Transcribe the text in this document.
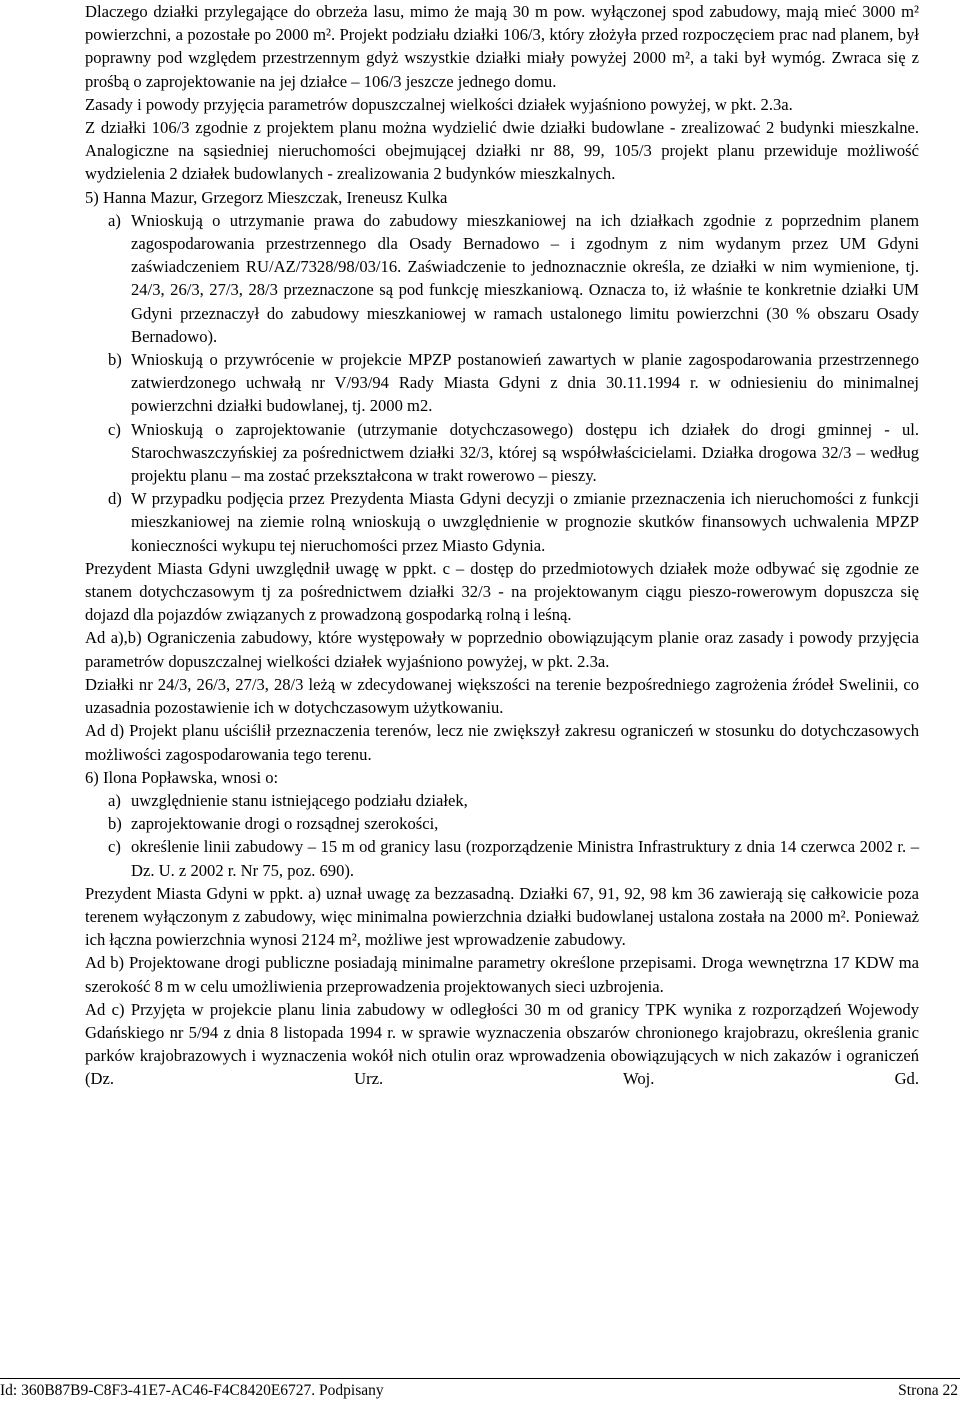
Dlaczego działki przylegające do obrzeża lasu, mimo że mają 30 m pow. wyłączonej spod zabudowy, mają mieć 3000 m² powierzchni, a pozostałe po 2000 m². Projekt podziału działki 106/3, który złożyła przed rozpoczęciem prac nad planem, był poprawny pod względem przestrzennym gdyż wszystkie działki miały powyżej 2000 m², a taki był wymóg. Zwraca się z prośbą o zaprojektowanie na jej działce – 106/3 jeszcze jednego domu.

Zasady i powody przyjęcia parametrów dopuszczalnej wielkości działek wyjaśniono powyżej, w pkt. 2.3a.

Z działki 106/3 zgodnie z projektem planu można wydzielić dwie działki budowlane - zrealizować 2 budynki mieszkalne. Analogiczne na sąsiedniej nieruchomości obejmującej działki nr 88, 99, 105/3 projekt planu przewiduje możliwość wydzielenia 2 działek budowlanych - zrealizowania 2 budynków mieszkalnych.

5) Hanna Mazur, Grzegorz Mieszczak, Ireneusz Kulka

a) Wnioskują o utrzymanie prawa do zabudowy mieszkaniowej na ich działkach zgodnie z poprzednim planem zagospodarowania przestrzennego dla Osady Bernadowo – i zgodnym z nim wydanym przez UM Gdyni zaświadczeniem RU/AZ/7328/98/03/16. Zaświadczenie to jednoznacznie określa, ze działki w nim wymienione, tj. 24/3, 26/3, 27/3, 28/3 przeznaczone są pod funkcję mieszkaniową. Oznacza to, iż właśnie te konkretnie działki UM Gdyni przeznaczył do zabudowy mieszkaniowej w ramach ustalonego limitu powierzchni (30 % obszaru Osady Bernadowo).
b) Wnioskują o przywrócenie w projekcie MPZP postanowień zawartych w planie zagospodarowania przestrzennego zatwierdzonego uchwałą nr V/93/94 Rady Miasta Gdyni z dnia 30.11.1994 r. w odniesieniu do minimalnej powierzchni działki budowlanej, tj. 2000 m2.
c) Wnioskują o zaprojektowanie (utrzymanie dotychczasowego) dostępu ich działek do drogi gminnej - ul. Starochwaszczyńskiej za pośrednictwem działki 32/3, której są współwłaścicielami. Działka drogowa 32/3 – według projektu planu – ma zostać przekształcona w trakt rowerowo – pieszy.
d) W przypadku podjęcia przez Prezydenta Miasta Gdyni decyzji o zmianie przeznaczenia ich nieruchomości z funkcji mieszkaniowej na ziemie rolną wnioskują o uwzględnienie w prognozie skutków finansowych uchwalenia MPZP konieczności wykupu tej nieruchomości przez Miasto Gdynia.

Prezydent Miasta Gdyni uwzględnił uwagę w ppkt. c – dostęp do przedmiotowych działek może odbywać się zgodnie ze stanem dotychczasowym tj za pośrednictwem działki 32/3 - na projektowanym ciągu pieszo-rowerowym dopuszcza się dojazd dla pojazdów związanych z prowadzoną gospodarką rolną i leśną.

Ad a),b) Ograniczenia zabudowy, które występowały w poprzednio obowiązującym planie oraz zasady i powody przyjęcia parametrów dopuszczalnej wielkości działek wyjaśniono powyżej, w pkt. 2.3a.

Działki nr 24/3, 26/3, 27/3, 28/3 leżą w zdecydowanej większości na terenie bezpośredniego zagrożenia źródeł Swelinii, co uzasadnia pozostawienie ich w dotychczasowym użytkowaniu.

Ad d) Projekt planu uściślił przeznaczenia terenów, lecz nie zwiększył zakresu ograniczeń w stosunku do dotychczasowych możliwości zagospodarowania tego terenu.

6) Ilona Popławska, wnosi o:

a) uwzględnienie stanu istniejącego podziału działek,
b) zaprojektowanie drogi o rozsądnej szerokości,
c) określenie linii zabudowy – 15 m od granicy lasu (rozporządzenie Ministra Infrastruktury z dnia 14 czerwca 2002 r. – Dz. U. z 2002 r. Nr 75, poz. 690).

Prezydent Miasta Gdyni w ppkt. a) uznał uwagę za bezzasadną. Działki 67, 91, 92, 98 km 36 zawierają się całkowicie poza terenem wyłączonym z zabudowy, więc minimalna powierzchnia działki budowlanej ustalona została na 2000 m². Ponieważ ich łączna powierzchnia wynosi 2124 m², możliwe jest wprowadzenie zabudowy.

Ad b) Projektowane drogi publiczne posiadają minimalne parametry określone przepisami. Droga wewnętrzna 17 KDW ma szerokość 8 m w celu umożliwienia przeprowadzenia projektowanych sieci uzbrojenia.

Ad c) Przyjęta w projekcie planu linia zabudowy w odległości 30 m od granicy TPK wynika z rozporządzeń Wojewody Gdańskiego nr 5/94 z dnia 8 listopada 1994 r. w sprawie wyznaczenia obszarów chronionego krajobrazu, określenia granic parków krajobrazowych i wyznaczenia wokół nich otulin oraz wprowadzenia obowiązujących w nich zakazów i ograniczeń (Dz. Urz. Woj. Gd.

Id: 360B87B9-C8F3-41E7-AC46-F4C8420E6727. Podpisany	Strona 22
